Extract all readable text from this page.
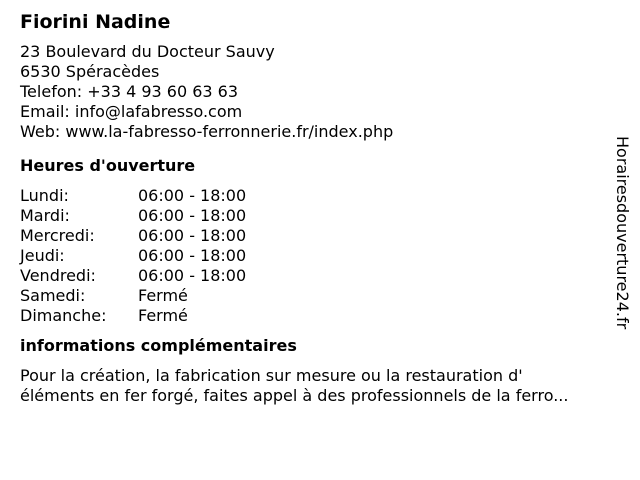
Fiorini Nadine
23 Boulevard du Docteur Sauvy
6530 Spéracèdes
Telefon: +33 4 93 60 63 63
Email: info@lafabresso.com
Web: www.la-fabresso-ferronnerie.fr/index.php
Heures d'ouverture
Lundi:	06:00 - 18:00
Mardi:	06:00 - 18:00
Mercredi:	06:00 - 18:00
Jeudi:	06:00 - 18:00
Vendredi:	06:00 - 18:00
Samedi:	Fermé
Dimanche:	Fermé
informations complémentaires
Pour la création, la fabrication sur mesure ou la restauration d'
éléments en fer forgé, faites appel à des professionnels de la ferro...
Horairesdouverture24.fr
